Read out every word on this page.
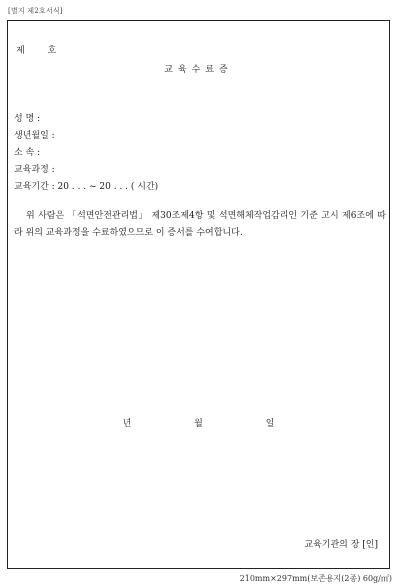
[별지 제2호서식]
제 호
교육수료증
성 명 :
생년월일 :
소 속 :
교육과정 :
교육기간 : 20 . . . ~ 20 . . . ( 시간)
위 사람은 「석면안전관리법」 제30조제4항 및 석면해체작업감리인 기준 고시 제6조에 따라 위의 교육과정을 수료하였으므로 이 증서를 수여합니다.
년	월	일
교육기관의 장 [인]
210mm×297mm(보존용지(2종) 60g/㎡)
